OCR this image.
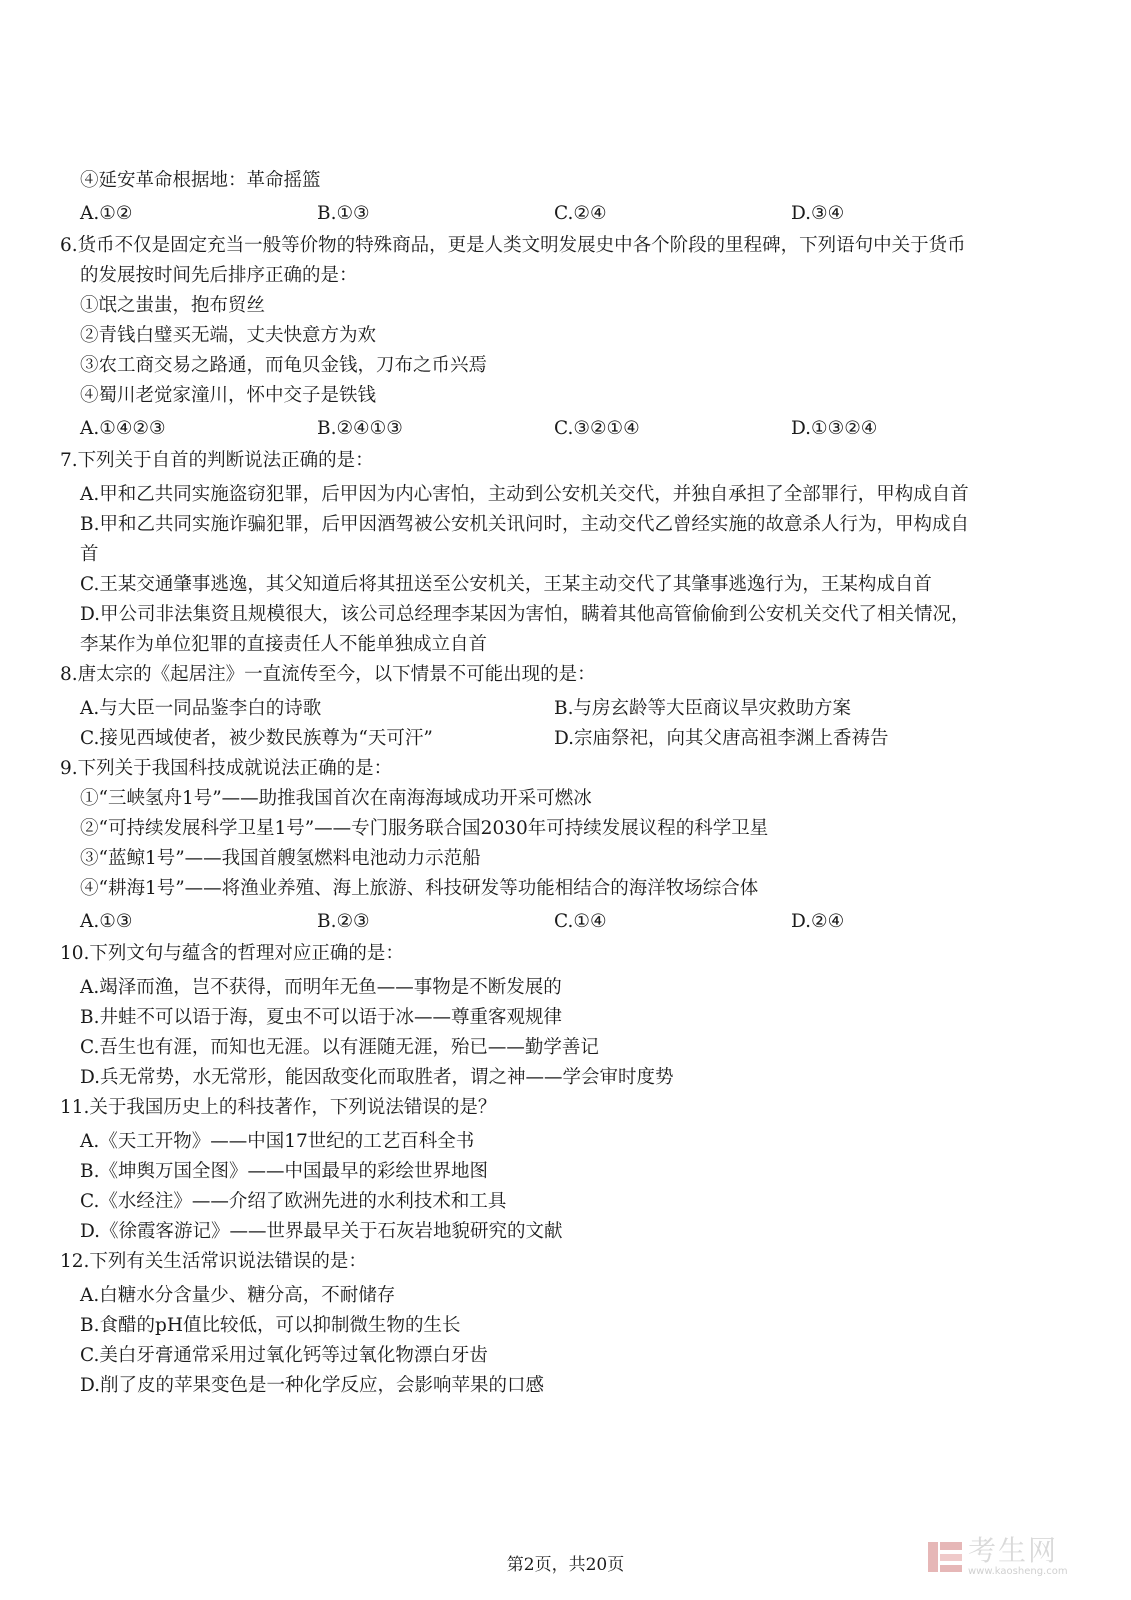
④延安革命根据地：革命摇篮
A.①②	B.①③	C.②④	D.③④
6.货币不仅是固定充当一般等价物的特殊商品，更是人类文明发展史中各个阶段的里程碑，下列语句中关于货币
的发展按时间先后排序正确的是：
①氓之蚩蚩，抱布贸丝
②青钱白璧买无端，丈夫快意方为欢
③农工商交易之路通，而龟贝金钱，刀布之币兴焉
④蜀川老觉家潼川，怀中交子是铁钱
A.①④②③	B.②④①③	C.③②①④	D.①③②④
7.下列关于自首的判断说法正确的是：
A.甲和乙共同实施盗窃犯罪，后甲因为内心害怕，主动到公安机关交代，并独自承担了全部罪行，甲构成自首
B.甲和乙共同实施诈骗犯罪，后甲因酒驾被公安机关讯问时，主动交代乙曾经实施的故意杀人行为，甲构成自
首
C.王某交通肇事逃逸，其父知道后将其扭送至公安机关，王某主动交代了其肇事逃逸行为，王某构成自首
D.甲公司非法集资且规模很大，该公司总经理李某因为害怕，瞒着其他高管偷偷到公安机关交代了相关情况，
李某作为单位犯罪的直接责任人不能单独成立自首
8.唐太宗的《起居注》一直流传至今，以下情景不可能出现的是：
A.与大臣一同品鉴李白的诗歌	B.与房玄龄等大臣商议旱灾救助方案
C.接见西域使者，被少数民族尊为“天可汗”	D.宗庙祭祀，向其父唐高祖李渊上香祷告
9.下列关于我国科技成就说法正确的是：
①“三峡氢舟1号”——助推我国首次在南海海域成功开采可燃冰
②“可持续发展科学卫星1号”——专门服务联合国2030年可持续发展议程的科学卫星
③“蓝鲸1号”——我国首艘氢燃料电池动力示范船
④“耕海1号”——将渔业养殖、海上旅游、科技研发等功能相结合的海洋牧场综合体
A.①③	B.②③	C.①④	D.②④
10.下列文句与蕴含的哲理对应正确的是：
A.竭泽而渔，岂不获得，而明年无鱼——事物是不断发展的
B.井蛙不可以语于海，夏虫不可以语于冰——尊重客观规律
C.吾生也有涯，而知也无涯。以有涯随无涯，殆已——勤学善记
D.兵无常势，水无常形，能因敌变化而取胜者，谓之神——学会审时度势
11.关于我国历史上的科技著作，下列说法错误的是？
A.《天工开物》——中国17世纪的工艺百科全书
B.《坤舆万国全图》——中国最早的彩绘世界地图
C.《水经注》——介绍了欧洲先进的水利技术和工具
D.《徐霞客游记》——世界最早关于石灰岩地貌研究的文献
12.下列有关生活常识说法错误的是：
A.白糖水分含量少、糖分高，不耐储存
B.食醋的pH值比较低，可以抑制微生物的生长
C.美白牙膏通常采用过氧化钙等过氧化物漂白牙齿
D.削了皮的苹果变色是一种化学反应，会影响苹果的口感
第2页，共20页	考生网
www.kaosheng.com
